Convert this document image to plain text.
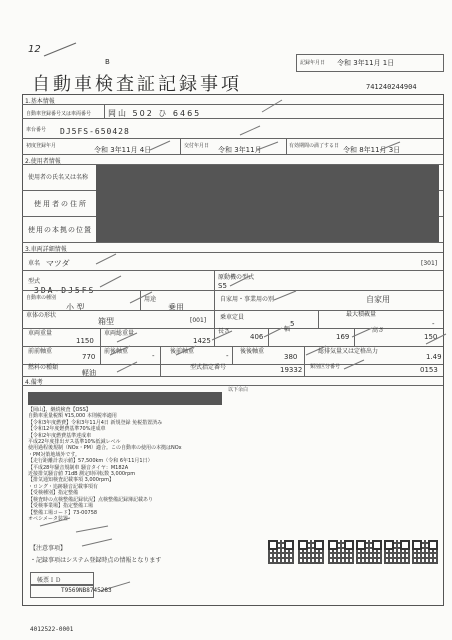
12
B
自動車検査証記録事項
記録年月日 令和 3年11月 1日
741240244904
1.基本情報
自動車登録番号又は車両番号 岡山 502 ひ 6465
車台番号 DJ5FS-650428
初度登録年月	令和 3年11月 4日	交付年月日 令和 3年11月	有効期間の満了する日 令和 8年11月 3日
2.使用者情報
使用者の氏名又は名称
使用者の住所
使用の本拠の位置
3.車両詳細情報
車名 マツダ	[301]
型式
3DA-DJ5FS
原動機の型式
S5
自動車の種別
小 型
用途
乗用
自家用・事業用の別	自家用
車体の形状
箱型	[001] 乗車定員
5
最大積載量
-
車両重量
1150
車両総重量
1425
長さ
406
幅
169
高さ
150
前前軸重
770
前後軸重
-
後前軸重
-
後後軸重
380
総排気量又は定格出力
1.49
燃料の種類
軽油
型式指定番号	19332 類別区分番号	0153
4.備考
以下余白
【岡山】、継続検査【OSS】
自動車重量税額 ¥15,000 本則税率適用
【令和3年度燃費】令和3年11月4日 新規登録 免税措置済み
【令和12年度燃費基準70%達成車
【令和2年度燃費基準達成車
平成22年度排出ガス基準10%低減レベル
使用過程後規制（NOx・PM）適合。この自動車の使用の本拠はNOx
・PM対策地域外です。
【走行距離計表示値】57,500km（令和 6年11月1日）
【平成28年騒音規制車 騒音タイヤ：M182A
近接排気騒音値 71dB 測定時回転数 3,000rpm
【排気通知検査記載事項 3,000rpm】
・ロング・追跡騒音記載事項有
【受検種別】指定整備
【検査時の点検整備記録状況】点検整備記録簿記載あり
【受検事業場】指定整備工場
【整備工場コード】73-00758
オペシメータ装置
【注意事項】
・記録事項はシステム登録時点の情報となります
帳票ＩＤ
T9569NB8745283
4012522-0001
